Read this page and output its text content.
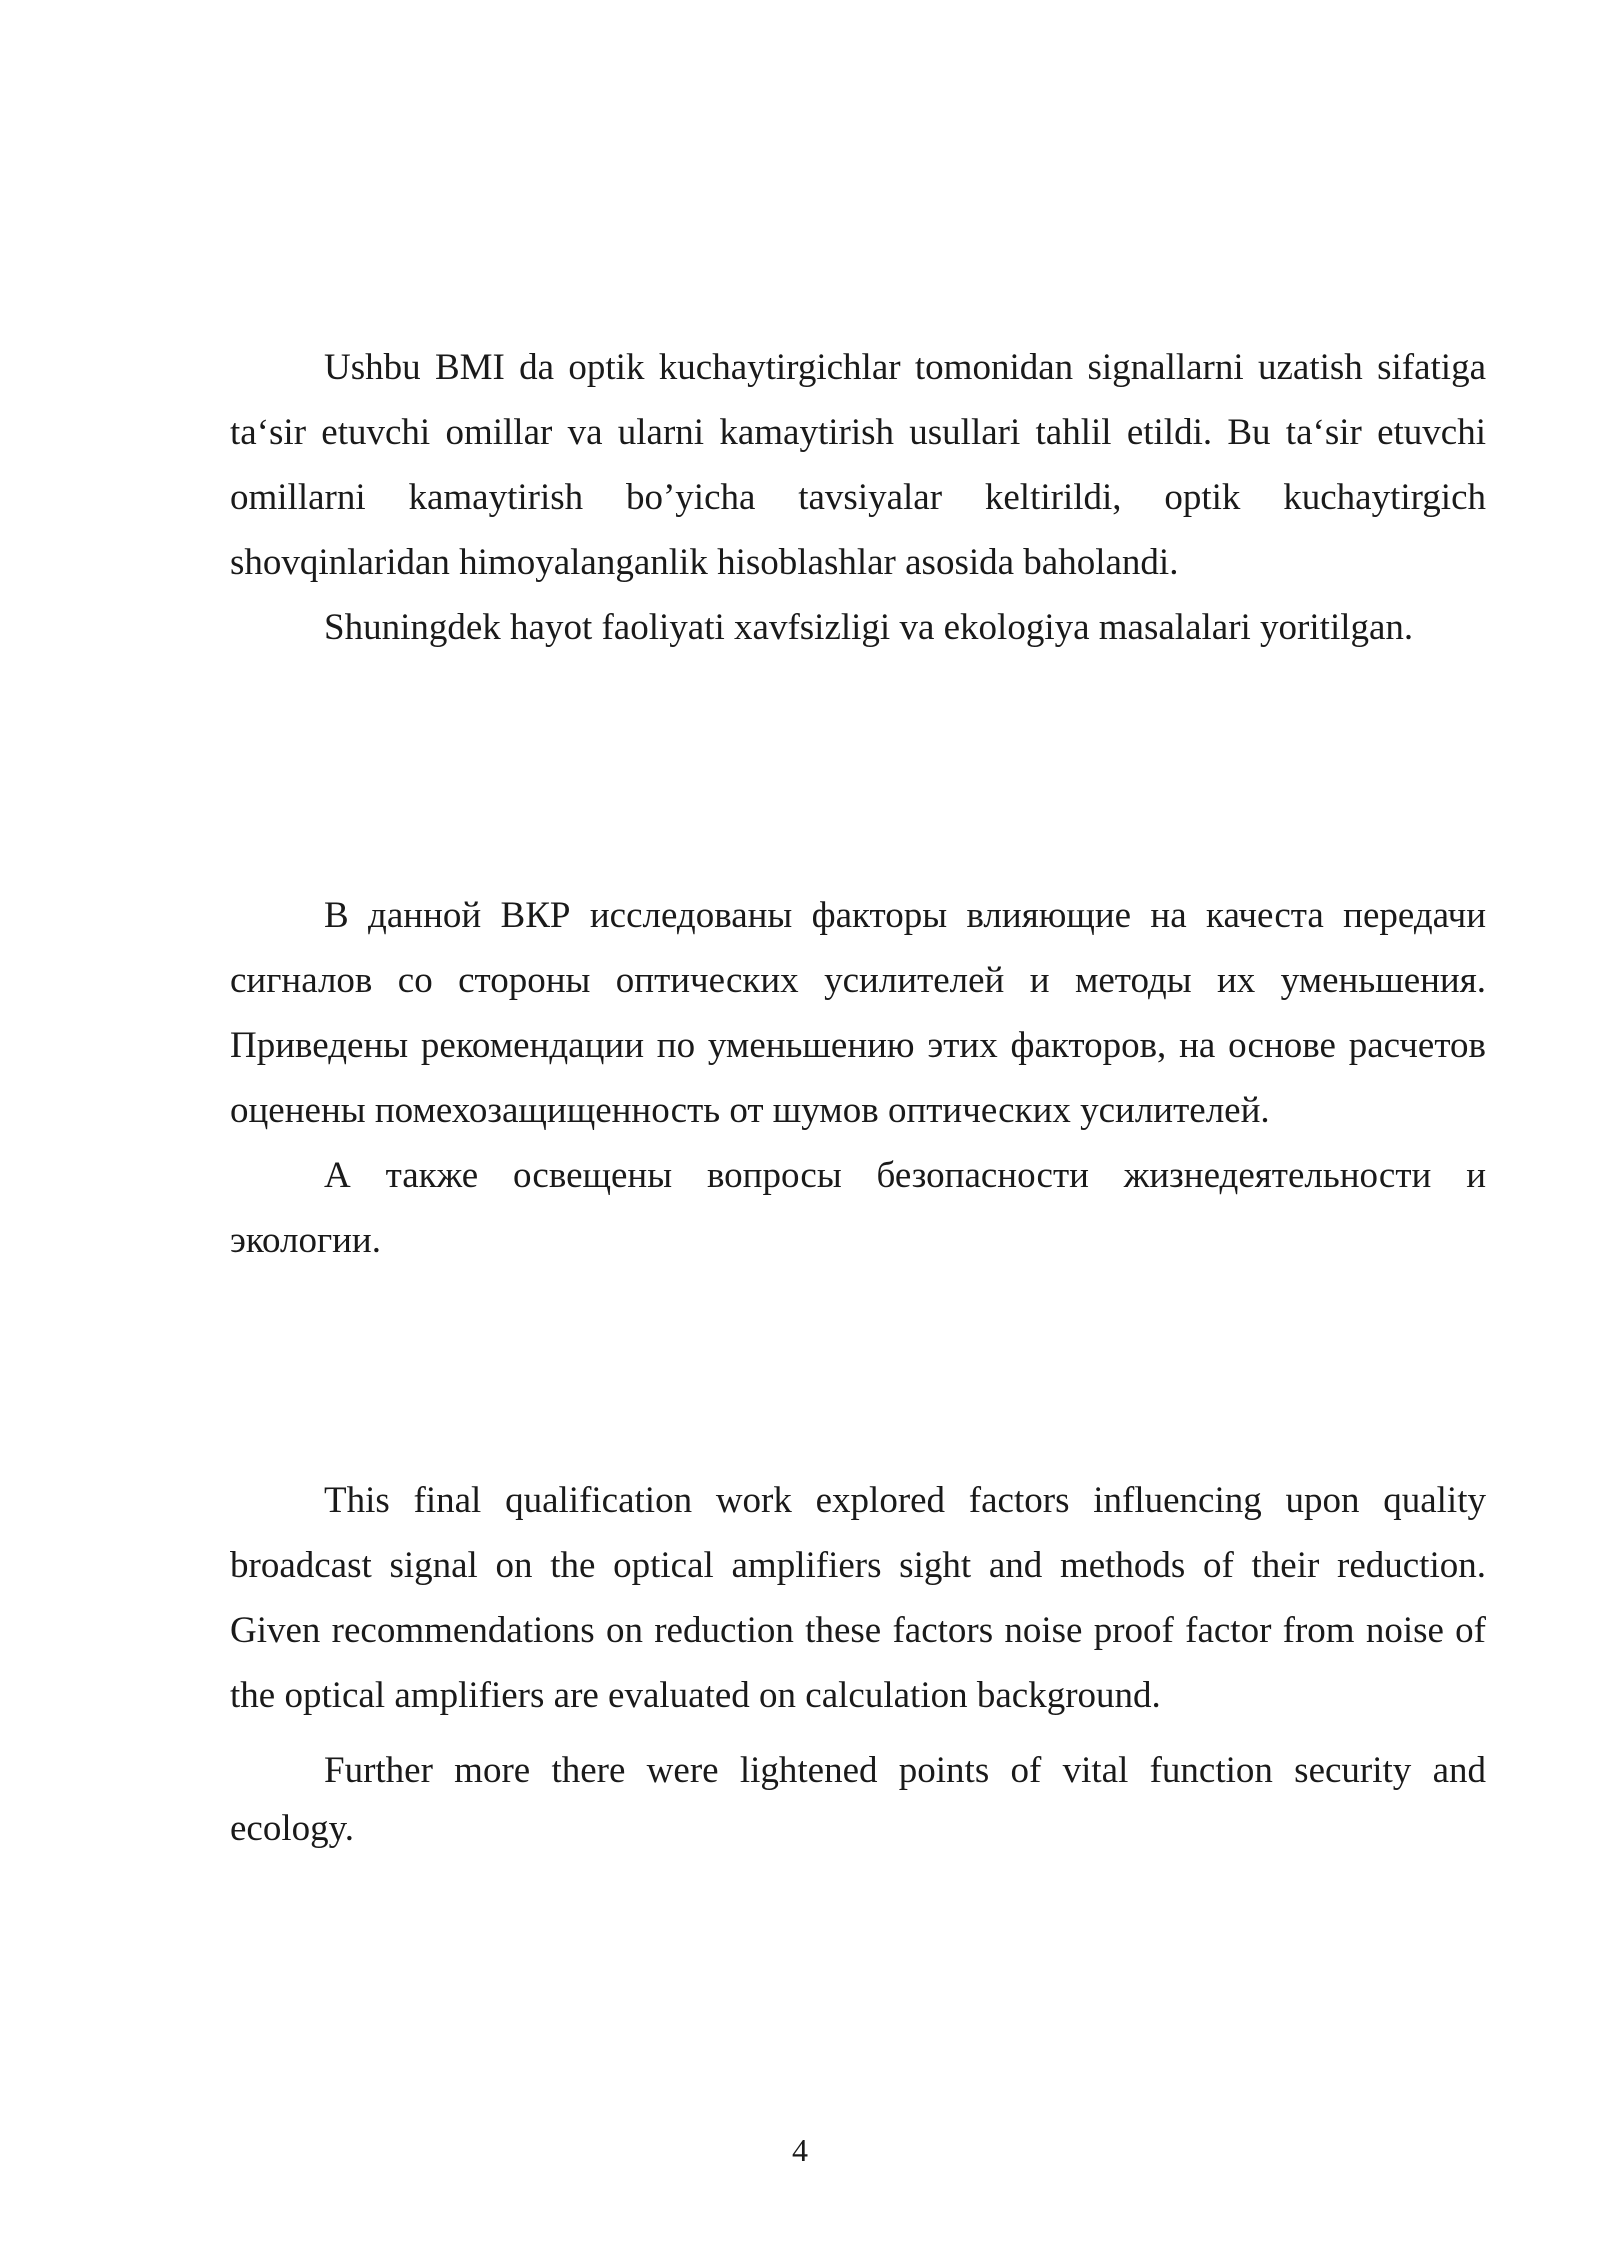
Ushbu BMI da optik kuchaytirgichlar tomonidan signallarni uzatish sifatiga ta‘sir etuvchi omillar va ularni kamaytirish usullari tahlil etildi. Bu ta‘sir etuvchi omillarni kamaytirish bo’yicha tavsiyalar keltirildi, optik kuchaytirgich shovqinlaridan himoyalanganlik hisoblashlar asosida baholandi.

Shuningdek hayot faoliyati xavfsizligi va ekologiya masalalari yoritilgan.

В данной ВКР исследованы факторы влияющие на качеста передачи сигналов со стороны оптических усилителей и методы их уменьшения. Приведены рекомендации по уменьшению этих факторов, на основе расчетов оценены помехозащищенность от шумов оптических усилителей.

А также освещены вопросы безопасности жизнедеятельности и экологии.

This final qualification work explored factors influencing upon quality broadcast signal on the optical amplifiers sight and methods of their reduction. Given recommendations on reduction these factors noise proof factor from noise of the optical amplifiers are evaluated on calculation background.

Further more there were lightened points of vital function security and ecology.

4
